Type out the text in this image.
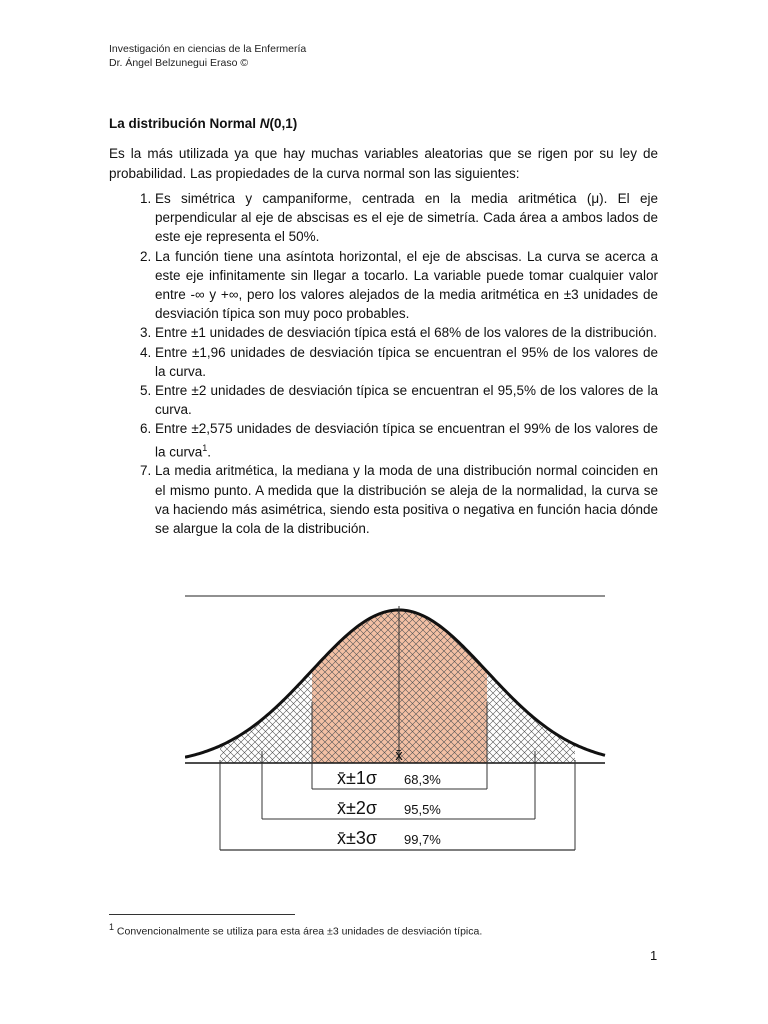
Investigación en ciencias de la Enfermería
Dr. Ángel Belzunegui Eraso ©
La distribución Normal N(0,1)
Es la más utilizada ya que hay muchas variables aleatorias que se rigen por su ley de probabilidad. Las propiedades de la curva normal son las siguientes:
1. Es simétrica y campaniforme, centrada en la media aritmética (μ). El eje perpendicular al eje de abscisas es el eje de simetría. Cada área a ambos lados de este eje representa el 50%.
2. La función tiene una asíntota horizontal, el eje de abscisas. La curva se acerca a este eje infinitamente sin llegar a tocarlo. La variable puede tomar cualquier valor entre -∞ y +∞, pero los valores alejados de la media aritmética en ±3 unidades de desviación típica son muy poco probables.
3. Entre ±1 unidades de desviación típica está el 68% de los valores de la distribución.
4. Entre ±1,96 unidades de desviación típica se encuentran el 95% de los valores de la curva.
5. Entre ±2 unidades de desviación típica se encuentran el 95,5% de los valores de la curva.
6. Entre ±2,575 unidades de desviación típica se encuentran el 99% de los valores de la curva$^1$.
7. La media aritmética, la mediana y la moda de una distribución normal coinciden en el mismo punto. A medida que la distribución se aleja de la normalidad, la curva se va haciendo más asimétrica, siendo esta positiva o negativa en función hacia dónde se alargue la cola de la distribución.
x̄
x̄±1σ 68,3%
x̄±2σ 95,5%
x̄±3σ 99,7%
$^1$ Convencionalmente se utiliza para esta área ±3 unidades de desviación típica.
1
